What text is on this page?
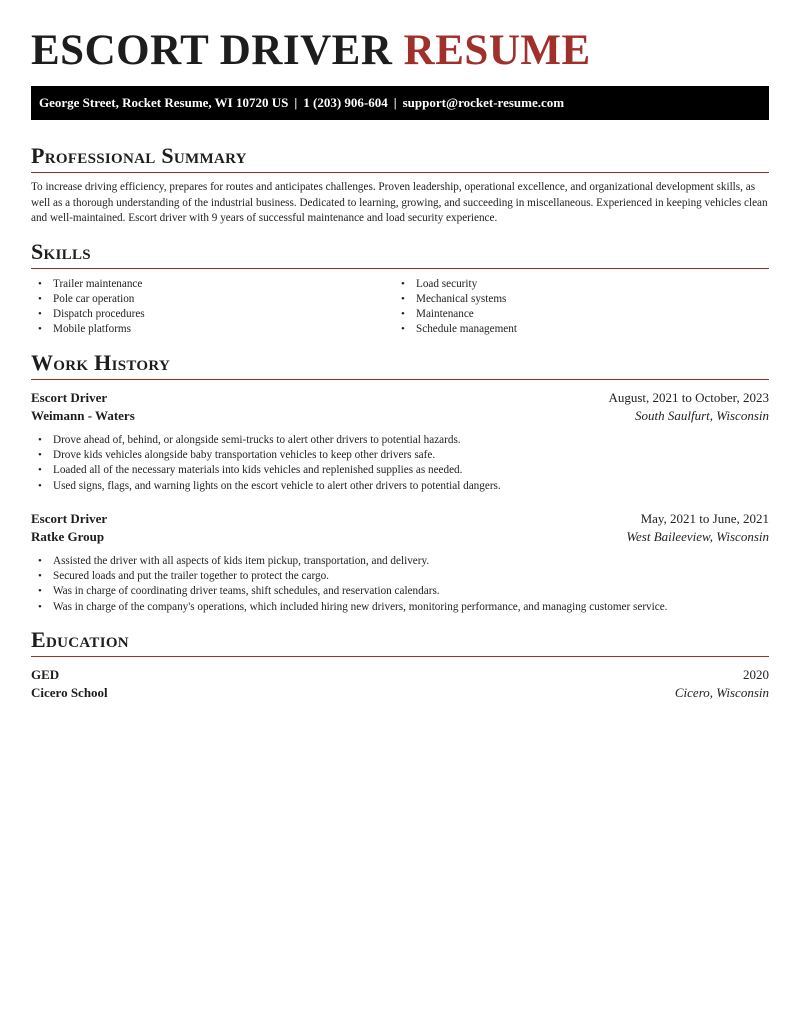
ESCORT DRIVER RESUME
George Street, Rocket Resume, WI 10720 US | 1 (203) 906-604 | support@rocket-resume.com
Professional Summary

To increase driving efficiency, prepares for routes and anticipates challenges. Proven leadership, operational excellence, and organizational development skills, as well as a thorough understanding of the industrial business. Dedicated to learning, growing, and succeeding in miscellaneous. Experienced in keeping vehicles clean and well-maintained. Escort driver with 9 years of successful maintenance and load security experience.

Skills
• Trailer maintenance
• Pole car operation
• Dispatch procedures
• Mobile platforms
• Load security
• Mechanical systems
• Maintenance
• Schedule management
Work History
Escort Driver	August, 2021 to October, 2023
Weimann - Waters	South Saulfurt, Wisconsin
• Drove ahead of, behind, or alongside semi-trucks to alert other drivers to potential hazards.
• Drove kids vehicles alongside baby transportation vehicles to keep other drivers safe.
• Loaded all of the necessary materials into kids vehicles and replenished supplies as needed.
• Used signs, flags, and warning lights on the escort vehicle to alert other drivers to potential dangers.
Escort Driver	May, 2021 to June, 2021
Ratke Group	West Baileeview, Wisconsin
• Assisted the driver with all aspects of kids item pickup, transportation, and delivery.
• Secured loads and put the trailer together to protect the cargo.
• Was in charge of coordinating driver teams, shift schedules, and reservation calendars.
• Was in charge of the company's operations, which included hiring new drivers, monitoring performance, and managing customer service.
Education
GED	2020
Cicero School	Cicero, Wisconsin
